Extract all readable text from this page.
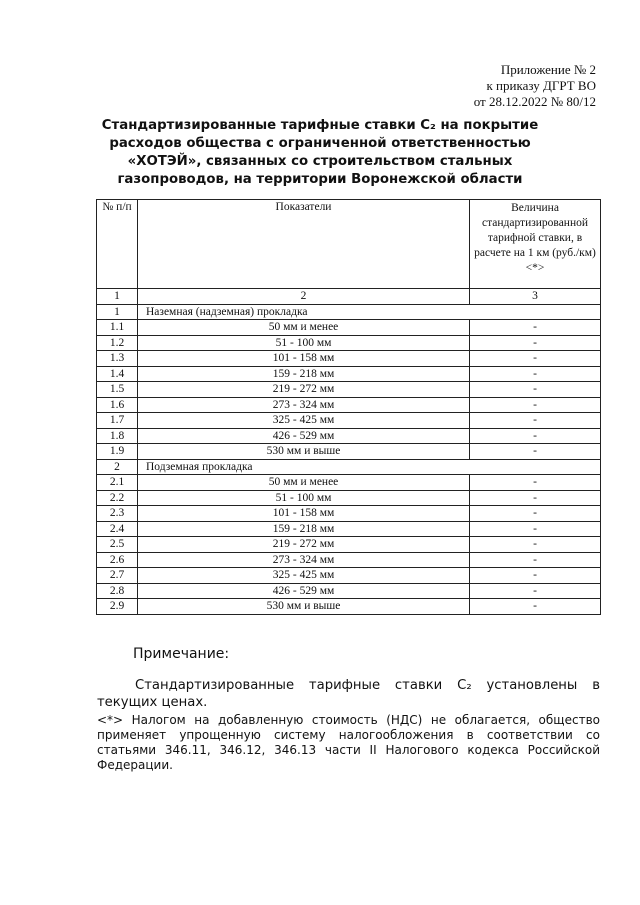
Приложение № 2
к приказу ДГРТ ВО
от 28.12.2022 № 80/12
Стандартизированные тарифные ставки С₂ на покрытие расходов общества с ограниченной ответственностью «ХОТЭЙ», связанных со строительством стальных газопроводов, на территории Воронежской области
№ п/п	Показатели	Величина стандартизированной тарифной ставки, в расчете на 1 км (руб./км) <*>
1	2	3
1	Наземная (надземная) прокладка	
1.1	50 мм и менее	-
1.2	51 - 100 мм	-
1.3	101 - 158 мм	-
1.4	159 - 218 мм	-
1.5	219 - 272 мм	-
1.6	273 - 324 мм	-
1.7	325 - 425 мм	-
1.8	426 - 529 мм	-
1.9	530 мм и выше	-
2	Подземная прокладка	
2.1	50 мм и менее	-
2.2	51 - 100 мм	-
2.3	101 - 158 мм	-
2.4	159 - 218 мм	-
2.5	219 - 272 мм	-
2.6	273 - 324 мм	-
2.7	325 - 425 мм	-
2.8	426 - 529 мм	-
2.9	530 мм и выше	-
Примечание:
Стандартизированные тарифные ставки С₂ установлены в текущих ценах.
<*> Налогом на добавленную стоимость (НДС) не облагается, общество применяет упрощенную систему налогообложения в соответствии со статьями 346.11, 346.12, 346.13 части II Налогового кодекса Российской Федерации.
